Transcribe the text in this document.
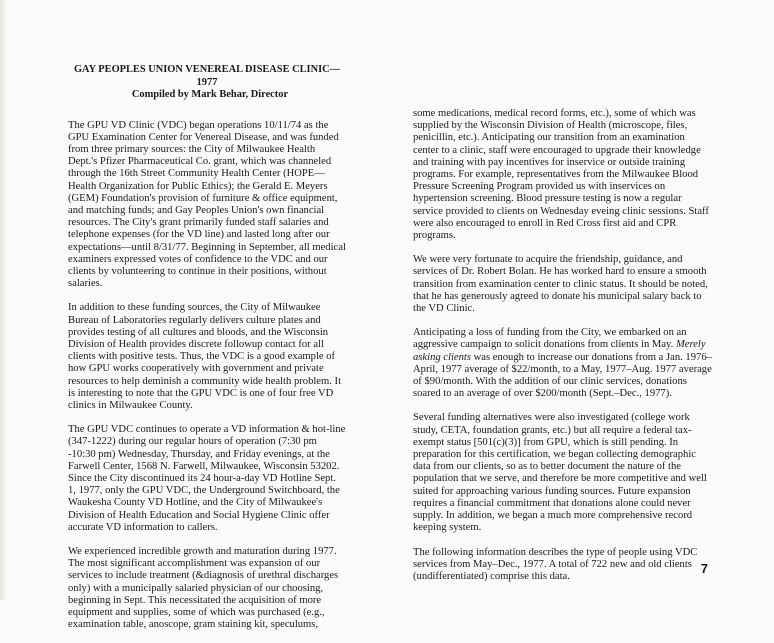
GAY PEOPLES UNION VENEREAL DISEASE CLINIC—1977
Compiled by Mark Behar, Director

The GPU VD Clinic (VDC) began operations 10/11/74 as the GPU Examination Center for Venereal Disease, and was funded from three primary sources: the City of Milwaukee Health Dept.'s Pfizer Pharmaceutical Co. grant, which was channeled through the 16th Street Community Health Center (HOPE—Health Organization for Public Ethics); the Gerald E. Meyers (GEM) Foundation's provision of furniture & office equipment, and matching funds; and Gay Peoples Union's own financial resources. The City's grant primarily funded staff salaries and telephone expenses (for the VD line) and lasted long after our expectations—until 8/31/77. Beginning in September, all medical examiners expressed votes of confidence to the VDC and our clients by volunteering to continue in their positions, without salaries.

In addition to these funding sources, the City of Milwaukee Bureau of Laboratories regularly delivers culture plates and provides testing of all cultures and bloods, and the Wisconsin Division of Health provides discrete followup contact for all clients with positive tests. Thus, the VDC is a good example of how GPU works cooperatively with government and private resources to help deminish a community wide health problem. It is interesting to note that the GPU VDC is one of four free VD clinics in Milwaukee County.

The GPU VDC continues to operate a VD information & hot-line (347-1222) during our regular hours of operation (7:30 pm -10:30 pm) Wednesday, Thursday, and Friday evenings, at the Farwell Center, 1568 N. Farwell, Milwaukee, Wisconsin 53202. Since the City discontinued its 24 hour-a-day VD Hotline Sept. 1, 1977, only the GPU VDC, the Underground Switchboard, the Waukesha County VD Hotline, and the City of Milwaukee's Division of Health Education and Social Hygiene Clinic offer accurate VD information to callers.

We experienced incredible growth and maturation during 1977. The most significant accomplishment was expansion of our services to include treatment (&diagnosis of urethral discharges only) with a municipally salaried physician of our choosing, beginning in Sept. This necessitated the acquisition of more equipment and supplies, some of which was purchased (e.g., examination table, anoscope, gram staining kit, speculums,

some medications, medical record forms, etc.), some of which was supplied by the Wisconsin Division of Health (microscope, files, penicillin, etc.). Anticipating our transition from an examination center to a clinic, staff were encouraged to upgrade their knowledge and training with pay incentives for inservice or outside training programs. For example, representatives from the Milwaukee Blood Pressure Screening Program provided us with inservices on hypertension screening. Blood pressure testing is now a regular service provided to clients on Wednesday eveing clinic sessions. Staff were also encouraged to enroll in Red Cross first aid and CPR programs.

We were very fortunate to acquire the friendship, guidance, and services of Dr. Robert Bolan. He has worked hard to ensure a smooth transition from examination center to clinic status. It should be noted, that he has generously agreed to donate his municipal salary back to the VD Clinic.

Anticipating a loss of funding from the City, we embarked on an aggressive campaign to solicit donations from clients in May. Merely asking clients was enough to increase our donations from a Jan. 1976–April, 1977 average of $22/month, to a May, 1977–Aug. 1977 average of $90/month. With the addition of our clinic services, donations soared to an average of over $200/month (Sept.–Dec., 1977).

Several funding alternatives were also investigated (college work study, CETA, foundation grants, etc.) but all require a federal tax-exempt status [501(c)(3)] from GPU, which is still pending. In preparation for this certification, we began collecting demographic data from our clients, so as to better document the nature of the population that we serve, and therefore be more competitive and well suited for approaching various funding sources. Future expansion requires a financial commitment that donations alone could never supply. In addition, we began a much more comprehensive record keeping system.

The following information describes the type of people using VDC services from May–Dec., 1977. A total of 722 new and old clients (undifferentiated) comprise this data.

7
